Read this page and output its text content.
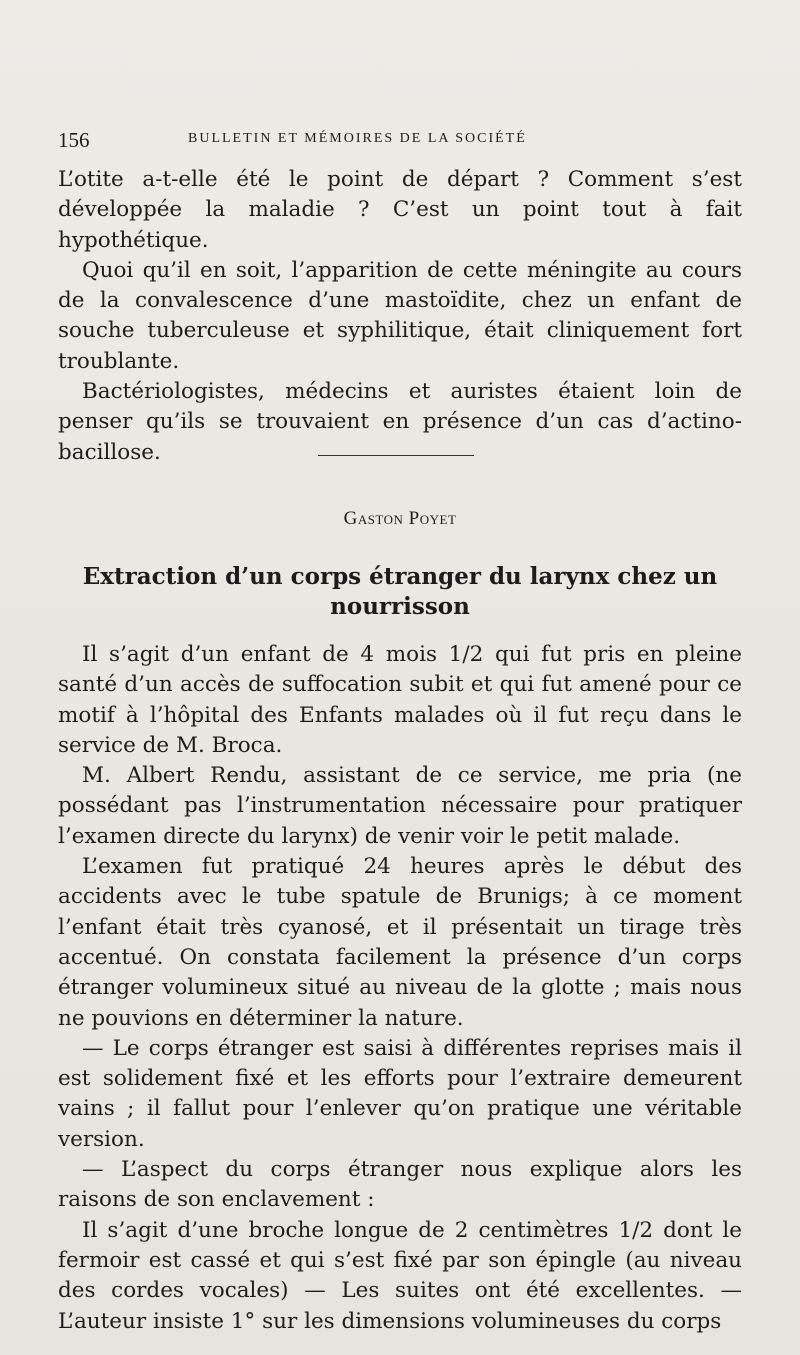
156	BULLETIN ET MÉMOIRES DE LA SOCIÉTÉ

L’otite a-t-elle été le point de départ ? Comment s’est développée la maladie ? C’est un point tout à fait hypothétique.

Quoi qu’il en soit, l’apparition de cette méningite au cours de la convalescence d’une mastoïdite, chez un enfant de souche tuberculeuse et syphilitique, était cliniquement fort troublante.

Bactériologistes, médecins et auristes étaient loin de penser qu’ils se trouvaient en présence d’un cas d’actino-bacillose.

Gaston Poyet
Extraction d’un corps étranger du larynx chez un nourrisson

Il s’agit d’un enfant de 4 mois 1/2 qui fut pris en pleine santé d’un accès de suffocation subit et qui fut amené pour ce motif à l’hôpital des Enfants malades où il fut reçu dans le service de M. Broca.

M. Albert Rendu, assistant de ce service, me pria (ne possédant pas l’instrumentation nécessaire pour pratiquer l’examen directe du larynx) de venir voir le petit malade.

L’examen fut pratiqué 24 heures après le début des accidents avec le tube spatule de Brunigs; à ce moment l’enfant était très cyanosé, et il présentait un tirage très accentué. On constata facilement la présence d’un corps étranger volumineux situé au niveau de la glotte ; mais nous ne pouvions en déterminer la nature.

— Le corps étranger est saisi à différentes reprises mais il est solidement fixé et les efforts pour l’extraire demeurent vains ; il fallut pour l’enlever qu’on pratique une véritable version.

— L’aspect du corps étranger nous explique alors les raisons de son enclavement :

Il s’agit d’une broche longue de 2 centimètres 1/2 dont le fermoir est cassé et qui s’est fixé par son épingle (au niveau des cordes vocales) — Les suites ont été excellentes. — L’auteur insiste 1° sur les dimensions volumineuses du corps
